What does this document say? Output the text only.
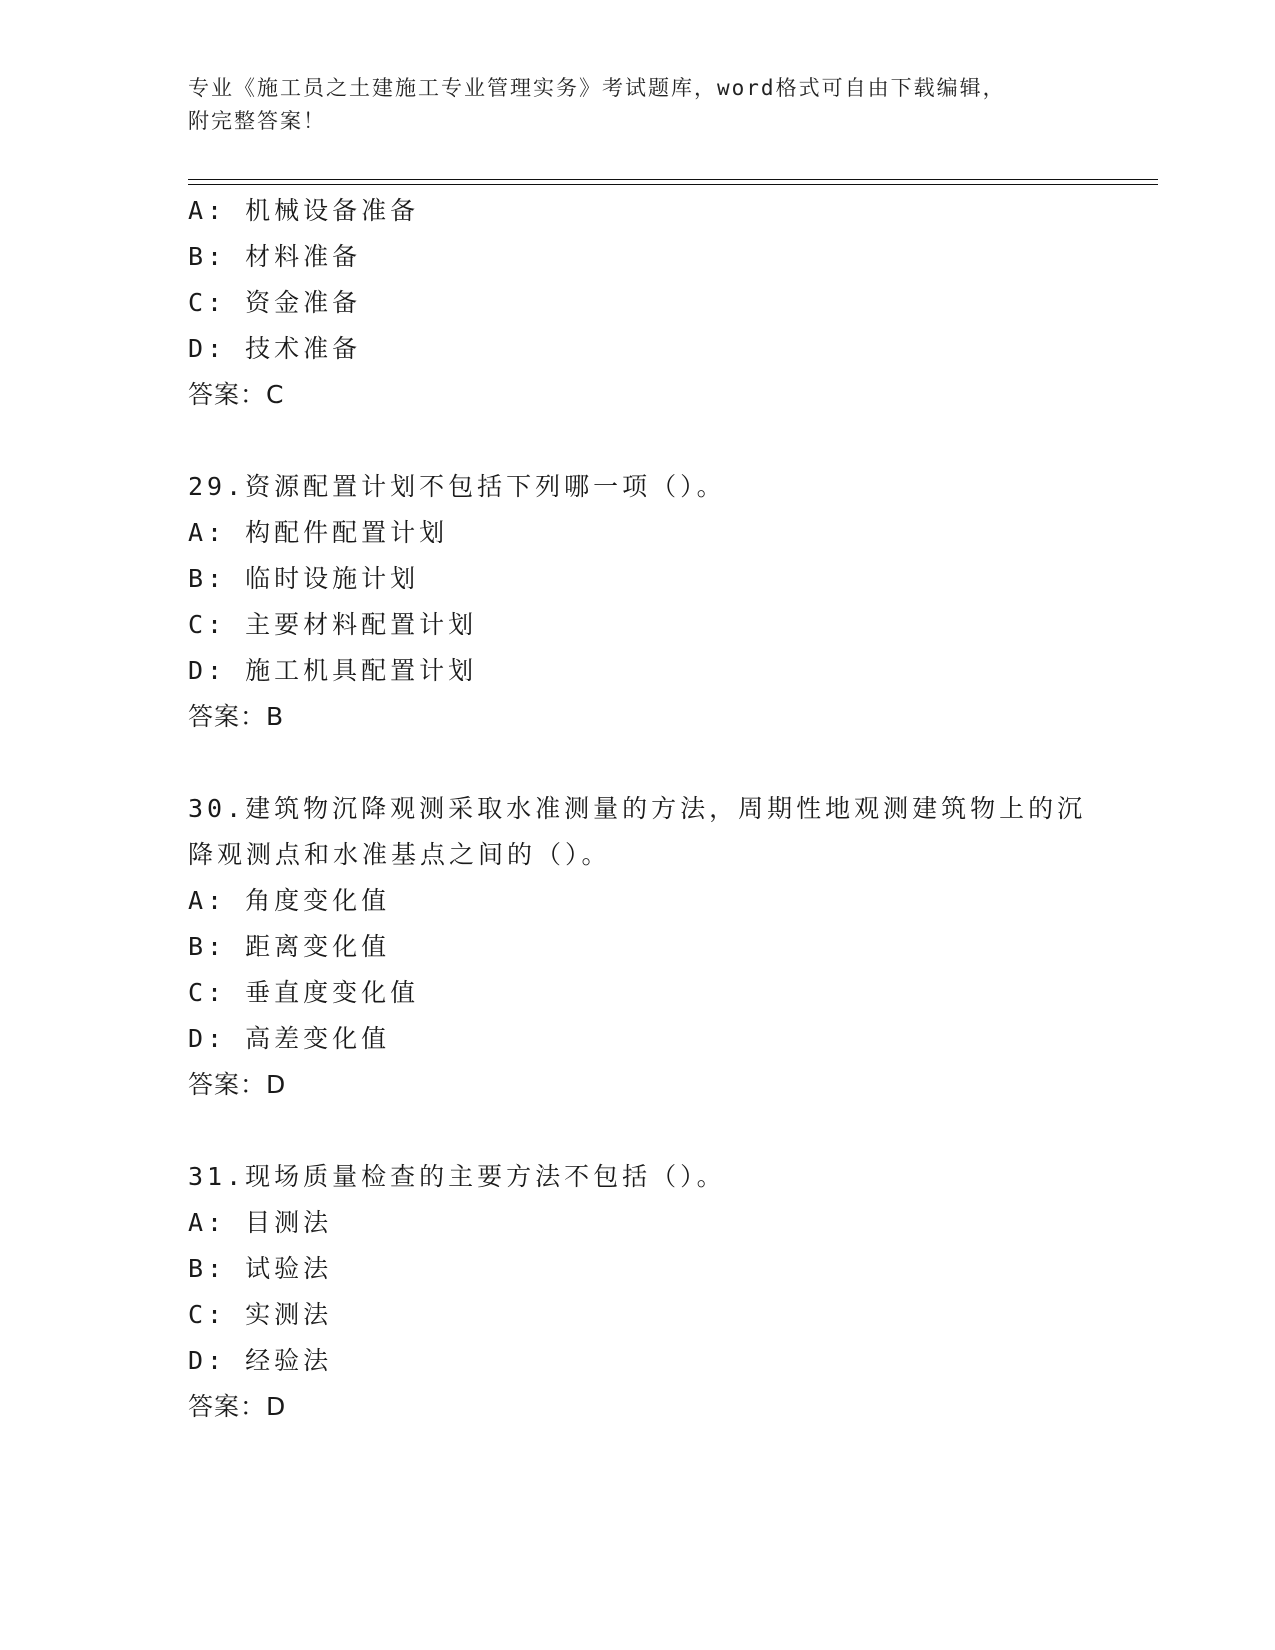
专业《施工员之土建施工专业管理实务》考试题库，word格式可自由下载编辑，
附完整答案！
A: 机械设备准备
B: 材料准备
C: 资金准备
D: 技术准备
答案：C
29.资源配置计划不包括下列哪一项（）。
A: 构配件配置计划
B: 临时设施计划
C: 主要材料配置计划
D: 施工机具配置计划
答案：B
30.建筑物沉降观测采取水准测量的方法，周期性地观测建筑物上的沉
降观测点和水准基点之间的（）。
A: 角度变化值
B: 距离变化值
C: 垂直度变化值
D: 高差变化值
答案：D
31.现场质量检查的主要方法不包括（）。
A: 目测法
B: 试验法
C: 实测法
D: 经验法
答案：D
